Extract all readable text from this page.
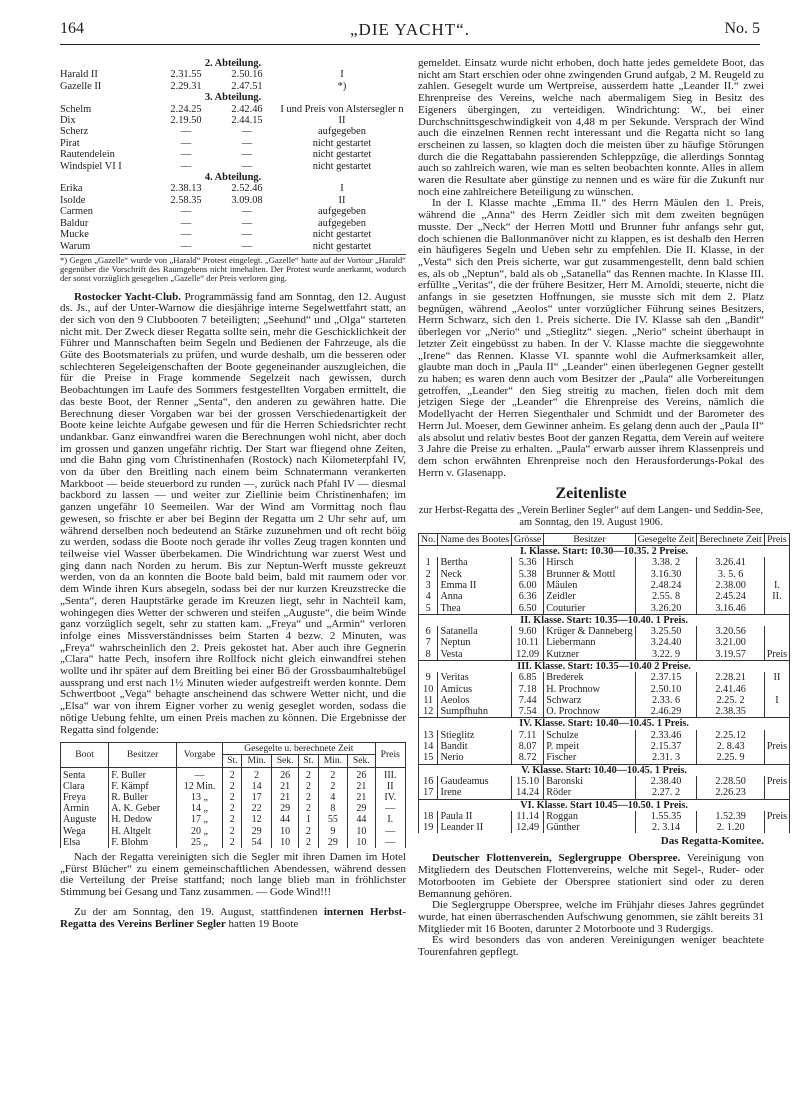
164	„DIE YACHT“.	No. 5
2. Abteilung.			
Harald II	2.31.55	2.50.16	I
Gazelle II	2.29.31	2.47.51	*)
3. Abteilung.			
Schelm	2.24.25	2.42.46	I und Preis von Alstersegler n
Dix	2.19.50	2.44.15	II
Scherz	—	—	aufgegeben
Pirat	—	—	nicht gestartet
Rautendelein	—	—	nicht gestartet
Windspiel VI I	—	—	nicht gestartet
4. Abteilung.			
Erika	2.38.13	2.52.46	I
Isolde	2.58.35	3.09.08	II
Carmen	—	—	aufgegeben
Baldur	—	—	aufgegeben
Mucke	—	—	nicht gestartet
Warum	—	—	nicht gestartet
*) Gegen „Gazelle“ wurde von „Harald“ Protest eingelegt. „Gazelle“ hatte auf der Vortour „Harald“ gegenüber die Vorschrift des Raumgebens nicht innehalten. Der Protest wurde anerkannt, wodurch der sonst vorzüglich gesegelten „Gazelle“ der Preis verloren ging.

Rostocker Yacht-Club. Programmässig fand am Sonntag, den 12. August ds. Js., auf der Unter-Warnow die diesjährige interne Segelwettfahrt statt, an der sich von den 9 Clubbooten 7 beteiligten; „Seehund“ und „Olga“ starteten nicht mit. Der Zweck dieser Regatta sollte sein, mehr die Geschicklichkeit der Führer und Mannschaften beim Segeln und Bedienen der Fahrzeuge, als die Güte des Bootsmaterials zu prüfen, und wurde deshalb, um die besseren oder schlechteren Segeleigenschaften der Boote gegeneinander auszugleichen, die für die Preise in Frage kommende Segelzeit nach gewissen, durch Beobachtungen im Laufe des Sommers festgestellten Vorgaben ermittelt, die das beste Boot, der Renner „Senta“, den anderen zu gewähren hatte. Die Berechnung dieser Vorgaben war bei der grossen Verschiedenartigkeit der Boote keine leichte Aufgabe gewesen und für die Herren Schiedsrichter recht undankbar. Ganz einwandfrei waren die Berechnungen wohl nicht, aber doch im grossen und ganzen ungefähr richtig. Der Start war fliegend ohne Zeiten, und die Bahn ging vom Christinenhafen (Rostock) nach Kilometerpfahl IV, von da über den Breitling nach einem beim Schnatermann verankerten Markboot — beide steuerbord zu runden —, zurück nach Pfahl IV — diesmal backbord zu lassen — und weiter zur Ziellinie beim Christinenhafen; im ganzen ungefähr 10 Seemeilen. War der Wind am Vormittag noch flau gewesen, so frischte er aber bei Beginn der Regatta um 2 Uhr sehr auf, um während derselben noch bedeutend an Stärke zuzunehmen und oft recht böig zu werden, sodass die Boote noch gerade ihr volles Zeug tragen konnten und teilweise viel Wasser überbekamen. Die Windrichtung war zuerst West und ging dann nach Norden zu herum. Bis zur Neptun-Werft musste gekreuzt werden, von da an konnten die Boote bald beim, bald mit raumem oder vor dem Winde ihren Kurs absegeln, sodass bei der nur kurzen Kreuzstrecke die „Senta“, deren Hauptstärke gerade im Kreuzen liegt, sehr in Nachteil kam, wohingegen dies Wetter der schweren und steifen „Auguste“, die beim Winde ganz vorzüglich segelt, sehr zu statten kam. „Freya“ und „Armin“ verloren infolge eines Missverständnisses beim Starten 4 bezw. 2 Minuten, was „Freya“ wahrscheinlich den 2. Preis gekostet hat. Aber auch ihre Gegnerin „Clara“ hatte Pech, insofern ihre Rollfock nicht gleich einwandfrei stehen wollte und ihr später auf dem Breitling bei einer Bö der Grossbaumhaltebügel aussprang und erst nach 1½ Minuten wieder aufgestreift werden konnte. Dem Schwertboot „Vega“ behagte anscheinend das schwere Wetter nicht, und die „Elsa“ war von ihrem Eigner vorher zu wenig geseglet worden, sodass die nötige Uebung fehlte, um einen Preis machen zu können. Die Ergebnisse der Regatta sind folgende:

Boot	Besitzer	Vorgabe	Gesegelte u. berechnete Zeit						Preis
			St.	Min.	Sek.	St.	Min.	Sek.	
Senta	F. Buller	—	2	2	26	2	2	26	III.
Clara	F. Kämpf	12 Min.	2	14	21	2	2	21	II
Freya	R. Buller	13 „	2	17	21	2	4	21	IV.
Armin	A. K. Geber	14 „	2	22	29	2	8	29	—
Auguste	H. Dedow	17 „	2	12	44	1	55	44	I.
Wega	H. Altgelt	20 „	2	29	10	2	9	10	—
Elsa	F. Blohm	25 „	2	54	10	2	29	10	—

Nach der Regatta vereinigten sich die Segler mit ihren Damen im Hotel „Fürst Blücher“ zu einem gemeinschaftlichen Abendessen, während dessen die Verteilung der Preise stattfand; noch lange blieb man in fröhlichster Stimmung bei Gesang und Tanz zusammen. — Gode Wind!!!

Zu der am Sonntag, den 19. August, stattfindenen internen Herbst-Regatta des Vereins Berliner Segler hatten 19 Boote

gemeldet. Einsatz wurde nicht erhoben, doch hatte jedes gemeldete Boot, das nicht am Start erschien oder ohne zwingenden Grund aufgab, 2 M. Reugeld zu zahlen. Gesegelt wurde um Wertpreise, ausserdem hatte „Leander II.“ zwei Ehrenpreise des Vereins, welche nach abermaligem Sieg in Besitz des Eigeners übergingen, zu verteidigen. Windrichtung: W., bei einer Durchschnittsgeschwindigkeit von 4,48 m per Sekunde. Versprach der Wind auch die einzelnen Rennen recht interessant und die Regatta nicht so lang erscheinen zu lassen, so klagten doch die meisten über zu häufige Störungen durch die die Regattabahn passierenden Schleppzüge, die allerdings Sonntag auch so zahlreich waren, wie man es selten beobachten konnte. Alles in allem waren die Resultate aber günstige zu nennen und es wäre für die Zukunft nur noch eine zahlreichere Beteiligung zu wünschen.

In der I. Klasse machte „Emma II.“ des Herrn Mäulen den 1. Preis, während die „Anna“ des Herrn Zeidler sich mit dem zweiten begnügen musste. Der „Neck“ der Herren Mottl und Brunner fuhr anfangs sehr gut, doch schienen die Ballonmanöver nicht zu klappen, es ist deshalb den Herren ein häufigeres Segeln und Ueben sehr zu empfehlen. Die II. Klasse, in der „Vesta“ sich den Preis sicherte, war gut zusammengestellt, denn bald schien es, als ob „Neptun“, bald als ob „Satanella“ das Rennen machte. In Klasse III. erfüllte „Veritas“, die der frühere Besitzer, Herr M. Arnoldi, steuerte, nicht die anfangs in sie gesetzten Hoffnungen, sie musste sich mit dem 2. Platz begnügen, während „Aeolos“ unter vorzüglicher Führung seines Besitzers, Herrn Schwarz, sich den 1. Preis sicherte. Die IV. Klasse sah den „Bandit“ überlegen vor „Nerio“ und „Stieglitz“ siegen. „Nerio“ scheint überhaupt in letzter Zeit eingebüsst zu haben. In der V. Klasse machte die sieggewohnte „Irene“ das Rennen. Klasse VI. spannte wohl die Aufmerksamkeit aller, glaubte man doch in „Paula II“ „Leander“ einen überlegenen Gegner gestellt zu haben; es waren denn auch vom Besitzer der „Paula“ alle Vorbereitungen getroffen, „Leander“ den Sieg streitig zu machen, fielen doch mit dem jetzigen Siege der „Leander“ die Ehrenpreise des Vereins, nämlich die Modellyacht der Herren Siegenthaler und Schmidt und der Barometer des Herrn Jul. Moeser, dem Gewinner anheim. Es gelang denn auch der „Paula II“ als absolut und relativ bestes Boot der ganzen Regatta, dem Verein auf weitere 3 Jahre die Preise zu erhalten. „Paula“ erwarb ausser ihrem Klassenpreis und dem schon erwähnten Ehrenpreise noch den Herausforderungs-Pokal des Herrn v. Glasenapp.

Zeitenliste

zur Herbst-Regatta des „Verein Berliner Segler“ auf dem Langen- und Seddin-See, am Sonntag, den 19. August 1906.

No.	Name des Bootes	Grösse	Besitzer	Gesegelte Zeit	Berechnete Zeit	Preis
I. Klasse. Start: 10.30—10.35. 2 Preise.						
1	Bertha	5.36	Hirsch	3.38. 2	3.26.41	
2	Neck	5.38	Brunner & Mottl	3.16.30	3. 5. 6	
3	Emma II	6.00	Mäulen	2.48.24	2.38.00	I.
4	Anna	6.36	Zeidler	2.55. 8	2.45.24	II.
5	Thea	6.50	Couturier	3.26.20	3.16.46	
II. Klasse. Start: 10.35—10.40. 1 Preis.						
6	Satanella	9.60	Krüger & Danneberg	3.25.50	3.20.56	
7	Neptun	10.11	Liebermann	3.24.40	3.21.00	
8	Vesta	12.09	Kutzner	3.22. 9	3.19.57	Preis
III. Klasse. Start: 10.35—10.40 2 Preise.						
9	Veritas	6.85	Brederek	2.37.15	2.28.21	II
10	Amicus	7.18	H. Prochnow	2.50.10	2.41.46	
11	Aeolos	7.44	Schwarz	2.33. 6	2.25. 2	I
12	Sumpfhuhn	7.54	O. Prochnow	2.46.29	2.38.35	
IV. Klasse. Start: 10.40—10.45. 1 Preis.						
13	Stieglitz	7.11	Schulze	2.33.46	2.25.12	
14	Bandit	8.07	P. mpeit	2.15.37	2. 8.43	Preis
15	Nerio	8.72	Fischer	2.31. 3	2.25. 9	
V. Klasse. Start: 10.40—10.45. 1 Preis.						
16	Gaudeamus	15.10	Baronski	2.38.40	2.28.50	Preis
17	Irene	14.24	Röder	2.27. 2	2.26.23	
VI. Klasse. Start 10.45—10.50. 1 Preis.						
18	Paula II	11.14	Roggan	1.55.35	1.52.39	Preis
19	Leander II	12.49	Günther	2. 3.14	2. 1.20	
Das Regatta-Komitee.

Deutscher Flottenverein, Seglergruppe Oberspree. Vereinigung von Mitgliedern des Deutschen Flottenvereins, welche mit Segel-, Ruder- oder Motorbooten im Gebiete der Oberspree stationiert sind oder zu deren Bemannung gehören.

Die Seglergruppe Oberspree, welche im Frühjahr dieses Jahres gegründet wurde, hat einen überraschenden Aufschwung genommen, sie zählt bereits 31 Mitglieder mit 16 Booten, darunter 2 Motorboote und 3 Rudergigs.

Es wird besonders das von anderen Vereinigungen weniger beachtete Tourenfahren gepflegt.
